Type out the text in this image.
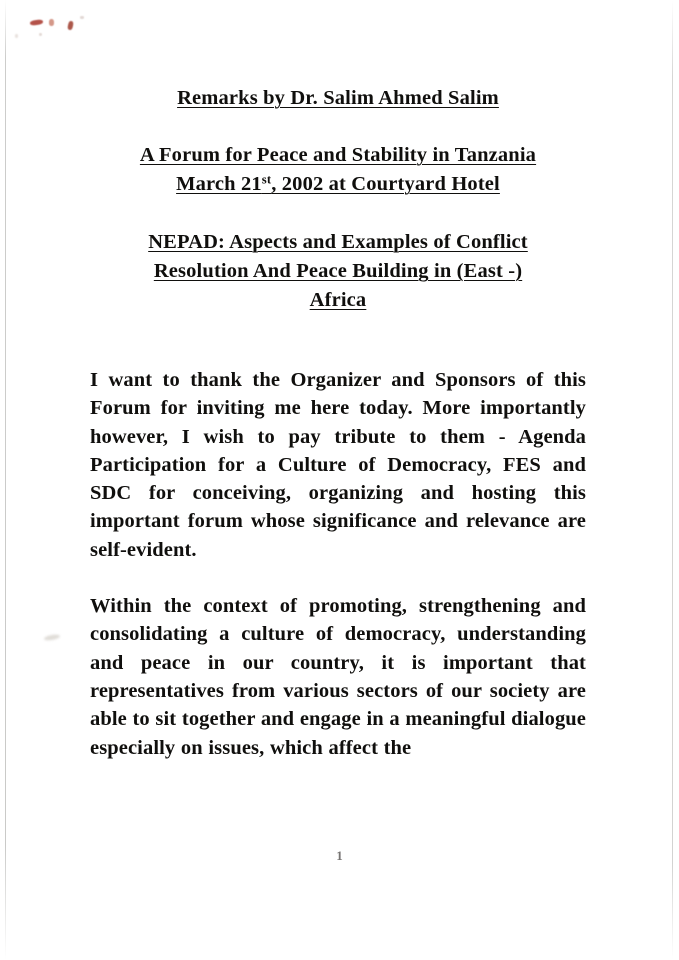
Remarks by Dr. Salim Ahmed Salim
A Forum for Peace and Stability in Tanzania
March 21st, 2002 at Courtyard Hotel
NEPAD: Aspects and Examples of Conflict
Resolution And Peace Building in (East -)
Africa

I want to thank the Organizer and Sponsors of this Forum for inviting me here today. More importantly however, I wish to pay tribute to them - Agenda Participation for a Culture of Democracy, FES and SDC for conceiving, organizing and hosting this important forum whose significance and relevance are self-evident.

Within the context of promoting, strengthening and consolidating a culture of democracy, understanding and peace in our country, it is important that representatives from various sectors of our society are able to sit together and engage in a meaningful dialogue especially on issues, which affect the

1
